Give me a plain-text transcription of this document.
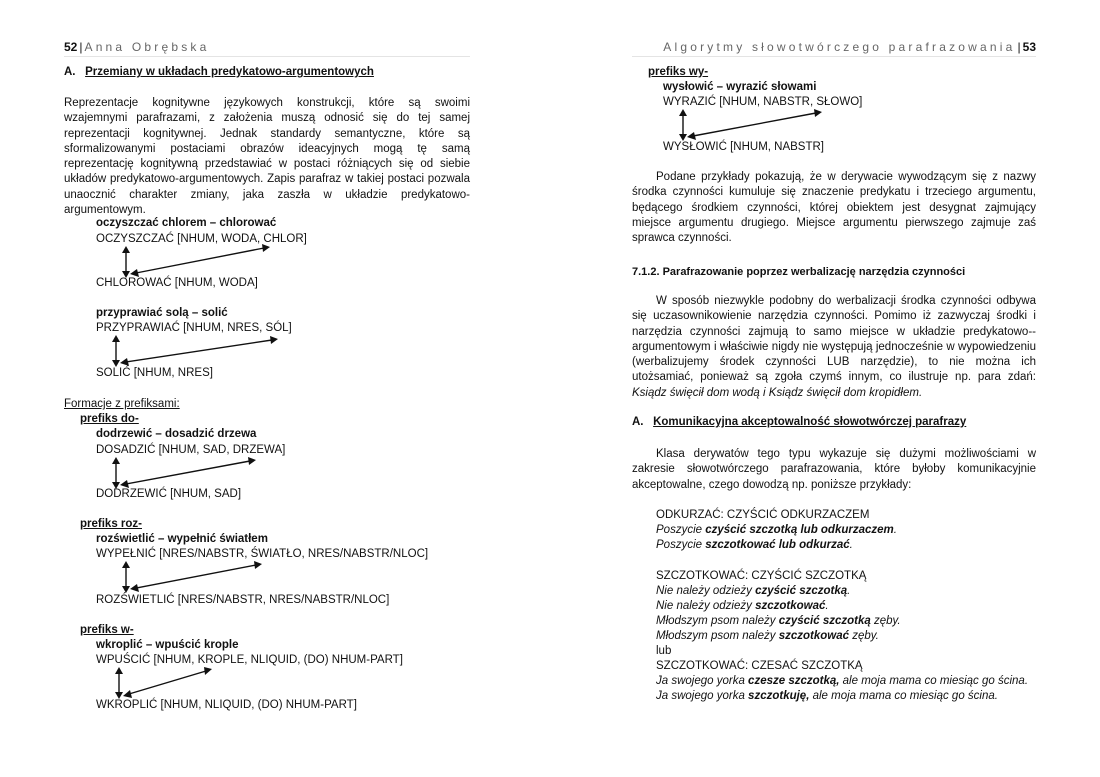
52 | Anna Obrębska
A. Przemiany w układach predykatowo-argumentowych
Reprezentacje kognitywne językowych konstrukcji, które są swoimi wzajemnymi parafrazami, z założenia muszą odnosić się do tej samej reprezentacji kognitywnej. Jednak standardy semantyczne, które są sformalizowanymi postaciami obrazów ideacyjnych mogą tę samą reprezentację kognitywną przedstawiać w postaci różniących się od siebie układów predykatowo-argumentowych. Zapis parafraz w takiej postaci pozwala unaocznić charakter zmiany, jaka zaszła w układzie predykatowo-argumentowym.
oczyszczać chlorem – chlorować
OCZYSZCZAĆ [NHUM, WODA, CHLOR]
CHLOROWAĆ [NHUM, WODA]
przyprawiać solą – solić
PRZYPRAWIAĆ [NHUM, NRES, SÓL]
SOLIĆ [NHUM, NRES]
Formacje z prefiksami:
prefiks do-
dodrzewić – dosadzić drzewa
DOSADZIĆ [NHUM, SAD, DRZEWA]
DODRZEWIĆ [NHUM, SAD]
prefiks roz-
rozświetlić – wypełnić światłem
WYPEŁNIĆ [NRES/NABSTR, ŚWIATŁO, NRES/NABSTR/NLOC]
ROZŚWIETLIĆ [NRES/NABSTR, NRES/NABSTR/NLOC]
prefiks w-
wkroplić – wpuścić krople
WPUŚCIĆ [NHUM, KROPLE, NLIQUID, (DO) NHUM-PART]
WKROPLIĆ [NHUM, NLIQUID, (DO) NHUM-PART]
Algorytmy słowotwórczego parafrazowania | 53
prefiks wy-
wysłowić – wyrazić słowami
WYRAZIĆ [NHUM, NABSTR, SŁOWO]
WYSŁOWIĆ [NHUM, NABSTR]
Podane przykłady pokazują, że w derywacie wywodzącym się z nazwy środka czynności kumuluje się znaczenie predykatu i trzeciego argumentu, będącego środkiem czynności, której obiektem jest desygnat zajmujący miejsce argumentu drugiego. Miejsce argumentu pierwszego zajmuje zaś sprawca czynności.
7.1.2. Parafrazowanie poprzez werbalizację narzędzia czynności
W sposób niezwykle podobny do werbalizacji środka czynności odbywa się uczasownikowienie narzędzia czynności. Pomimo iż zazwyczaj środki i narzędzia czynności zajmują to samo miejsce w układzie predykatowo--argumentowym i właściwie nigdy nie występują jednocześnie w wypowiedzeniu (werbalizujemy środek czynności LUB narzędzie), to nie można ich utożsamiać, ponieważ są zgoła czymś innym, co ilustruje np. para zdań: Ksiądz święcił dom wodą i Ksiądz święcił dom kropidłem.
A. Komunikacyjna akceptowalność słowotwórczej parafrazy
Klasa derywatów tego typu wykazuje się dużymi możliwościami w zakresie słowotwórczego parafrazowania, które byłoby komunikacyjnie akceptowalne, czego dowodzą np. poniższe przykłady:
ODKURZAĆ: CZYŚCIĆ ODKURZACZEM
Poszycie czyścić szczotką lub odkurzaczem.
Poszycie szczotkować lub odkurzać.
SZCZOTKOWAĆ: CZYŚCIĆ SZCZOTKĄ
Nie należy odzieży czyścić szczotką.
Nie należy odzieży szczotkować.
Młodszym psom należy czyścić szczotką zęby.
Młodszym psom należy szczotkować zęby.
lub
SZCZOTKOWAĆ: CZESAĆ SZCZOTKĄ
Ja swojego yorka czesze szczotką, ale moja mama co miesiąc go ścina.
Ja swojego yorka szczotkuję, ale moja mama co miesiąc go ścina.
